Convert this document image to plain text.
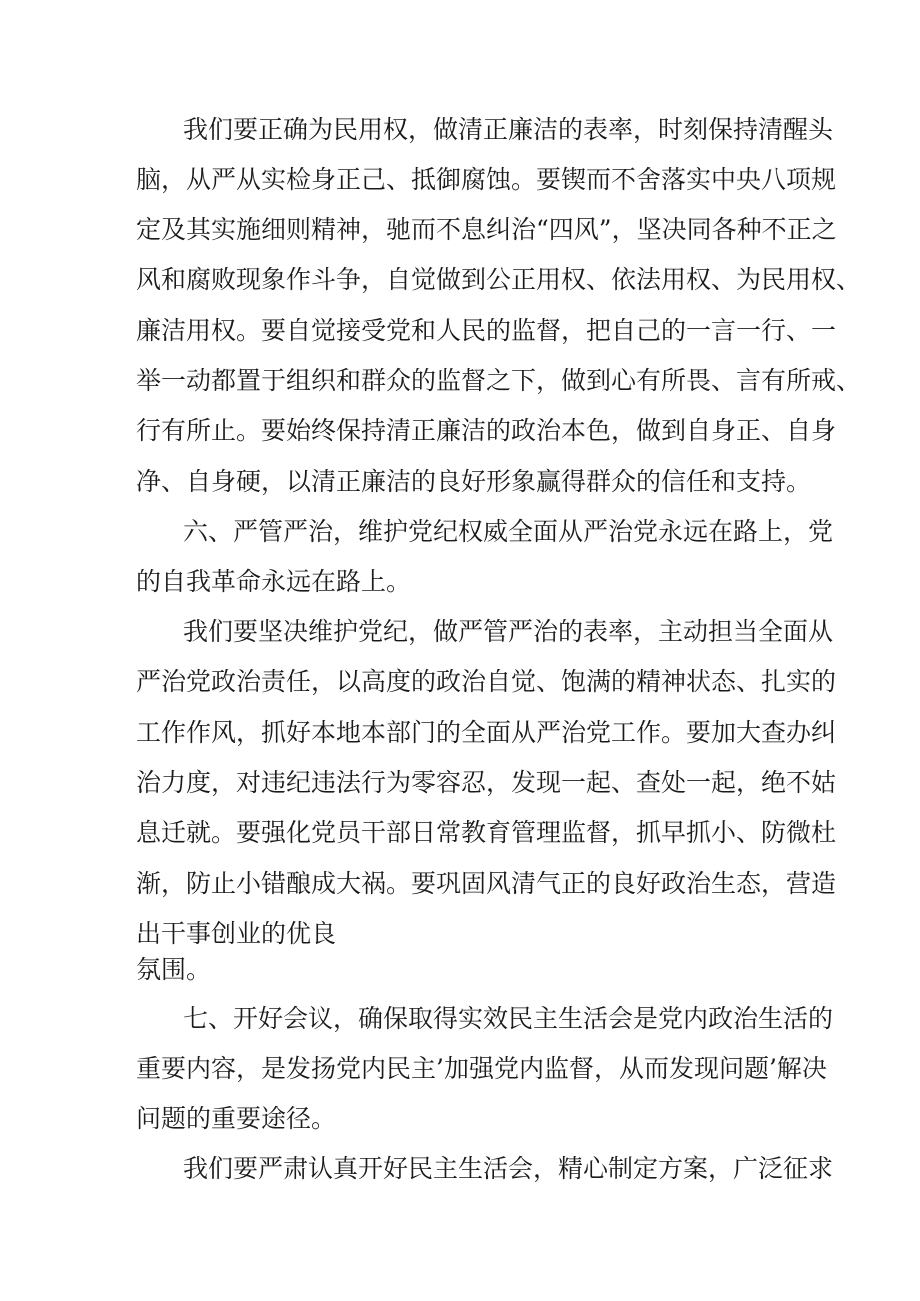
我们要正确为民用权，做清正廉洁的表率，时刻保持清醒头
脑，从严从实检身正己、抵御腐蚀。要锲而不舍落实中央八项规
定及其实施细则精神，驰而不息纠治“四风”，坚决同各种不正之
风和腐败现象作斗争，自觉做到公正用权、依法用权、为民用权、
廉洁用权。要自觉接受党和人民的监督，把自己的一言一行、一
举一动都置于组织和群众的监督之下，做到心有所畏、言有所戒、
行有所止。要始终保持清正廉洁的政治本色，做到自身正、自身
净、自身硬，以清正廉洁的良好形象赢得群众的信任和支持。
六、严管严治，维护党纪权威全面从严治党永远在路上，党
的自我革命永远在路上。
我们要坚决维护党纪，做严管严治的表率，主动担当全面从
严治党政治责任，以高度的政治自觉、饱满的精神状态、扎实的
工作作风，抓好本地本部门的全面从严治党工作。要加大查办纠
治力度，对违纪违法行为零容忍，发现一起、查处一起，绝不姑
息迁就。要强化党员干部日常教育管理监督，抓早抓小、防微杜
渐，防止小错酿成大祸。要巩固风清气正的良好政治生态，营造
出干事创业的优良
氛围。
七、开好会议，确保取得实效民主生活会是党内政治生活的
重要内容，是发扬党内民主’加强党内监督，从而发现问题’解决
问题的重要途径。
我们要严肃认真开好民主生活会，精心制定方案，广泛征求
